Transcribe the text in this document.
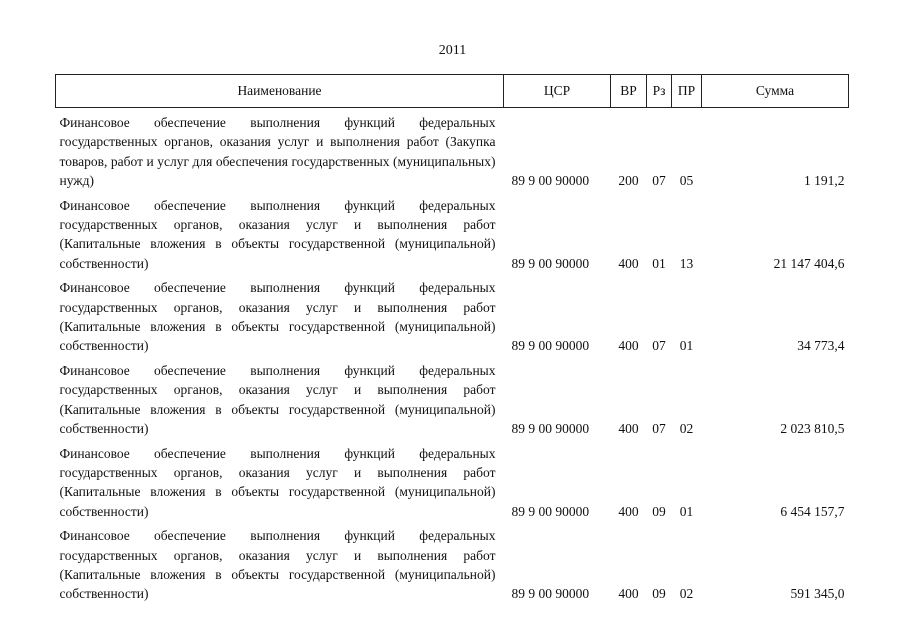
2011
Наименование	ЦСР	ВР	Рз	ПР	Сумма
Финансовое обеспечение выполнения функций федеральных государственных органов, оказания услуг и выполнения работ (Закупка товаров, работ и услуг для обеспечения государственных (муниципальных) нужд)	89 9 00 90000	200	07	05	1 191,2
Финансовое обеспечение выполнения функций федеральных государственных органов, оказания услуг и выполнения работ (Капитальные вложения в объекты государственной (муниципальной) собственности)	89 9 00 90000	400	01	13	21 147 404,6
Финансовое обеспечение выполнения функций федеральных государственных органов, оказания услуг и выполнения работ (Капитальные вложения в объекты государственной (муниципальной) собственности)	89 9 00 90000	400	07	01	34 773,4
Финансовое обеспечение выполнения функций федеральных государственных органов, оказания услуг и выполнения работ (Капитальные вложения в объекты государственной (муниципальной) собственности)	89 9 00 90000	400	07	02	2 023 810,5
Финансовое обеспечение выполнения функций федеральных государственных органов, оказания услуг и выполнения работ (Капитальные вложения в объекты государственной (муниципальной) собственности)	89 9 00 90000	400	09	01	6 454 157,7
Финансовое обеспечение выполнения функций федеральных государственных органов, оказания услуг и выполнения работ (Капитальные вложения в объекты государственной (муниципальной) собственности)	89 9 00 90000	400	09	02	591 345,0
